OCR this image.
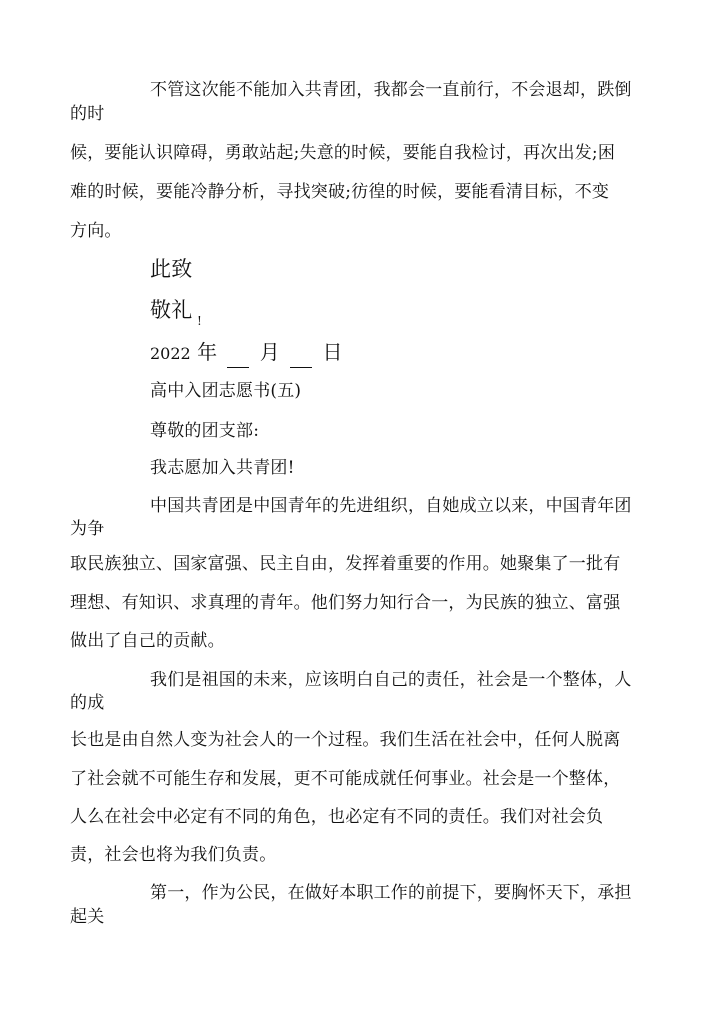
不管这次能不能加入共青团，我都会一直前行，不会退却，跌倒
的时
候，要能认识障碍，勇敢站起;失意的时候，要能自我检讨，再次出发;困
难的时候，要能冷静分析，寻找突破;彷徨的时候，要能看清目标，不变
方向。
此致
敬礼 !
2022 年 月 日
高中入团志愿书(五)
尊敬的团支部:
我志愿加入共青团!
中国共青团是中国青年的先进组织，自她成立以来，中国青年团
为争
取民族独立、国家富强、民主自由，发挥着重要的作用。她聚集了一批有
理想、有知识、求真理的青年。他们努力知行合一，为民族的独立、富强
做出了自己的贡献。
我们是祖国的未来，应该明白自己的责任，社会是一个整体，人
的成
长也是由自然人变为社会人的一个过程。我们生活在社会中，任何人脱离
了社会就不可能生存和发展，更不可能成就任何事业。社会是一个整体，
人么在社会中必定有不同的角色，也必定有不同的责任。我们对社会负
责，社会也将为我们负责。
第一，作为公民，在做好本职工作的前提下，要胸怀天下，承担
起关
